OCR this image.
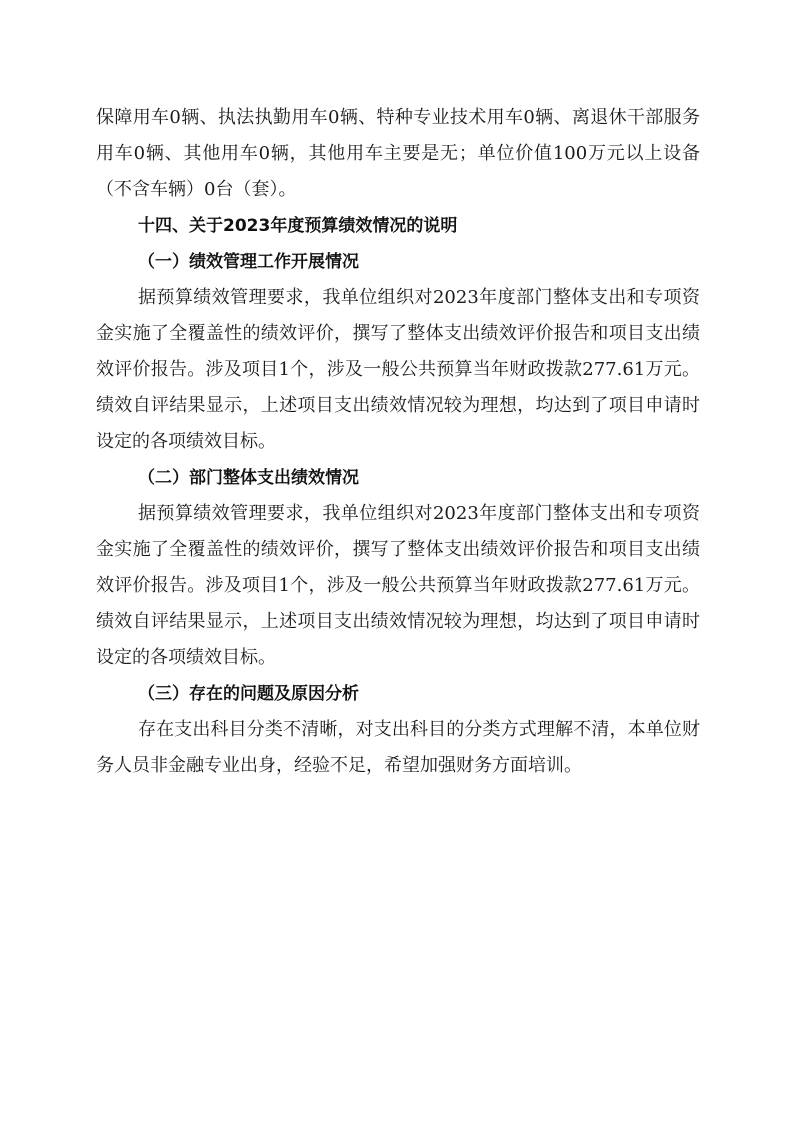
保障用车0辆、执法执勤用车0辆、特种专业技术用车0辆、离退休干部服务用车0辆、其他用车0辆，其他用车主要是无；单位价值100万元以上设备（不含车辆）0台（套）。

十四、关于2023年度预算绩效情况的说明

（一）绩效管理工作开展情况

据预算绩效管理要求，我单位组织对2023年度部门整体支出和专项资金实施了全覆盖性的绩效评价，撰写了整体支出绩效评价报告和项目支出绩效评价报告。涉及项目1个，涉及一般公共预算当年财政拨款277.61万元。绩效自评结果显示，上述项目支出绩效情况较为理想，均达到了项目申请时设定的各项绩效目标。

（二）部门整体支出绩效情况

据预算绩效管理要求，我单位组织对2023年度部门整体支出和专项资金实施了全覆盖性的绩效评价，撰写了整体支出绩效评价报告和项目支出绩效评价报告。涉及项目1个，涉及一般公共预算当年财政拨款277.61万元。绩效自评结果显示，上述项目支出绩效情况较为理想，均达到了项目申请时设定的各项绩效目标。

（三）存在的问题及原因分析

存在支出科目分类不清晰，对支出科目的分类方式理解不清，本单位财务人员非金融专业出身，经验不足，希望加强财务方面培训。
